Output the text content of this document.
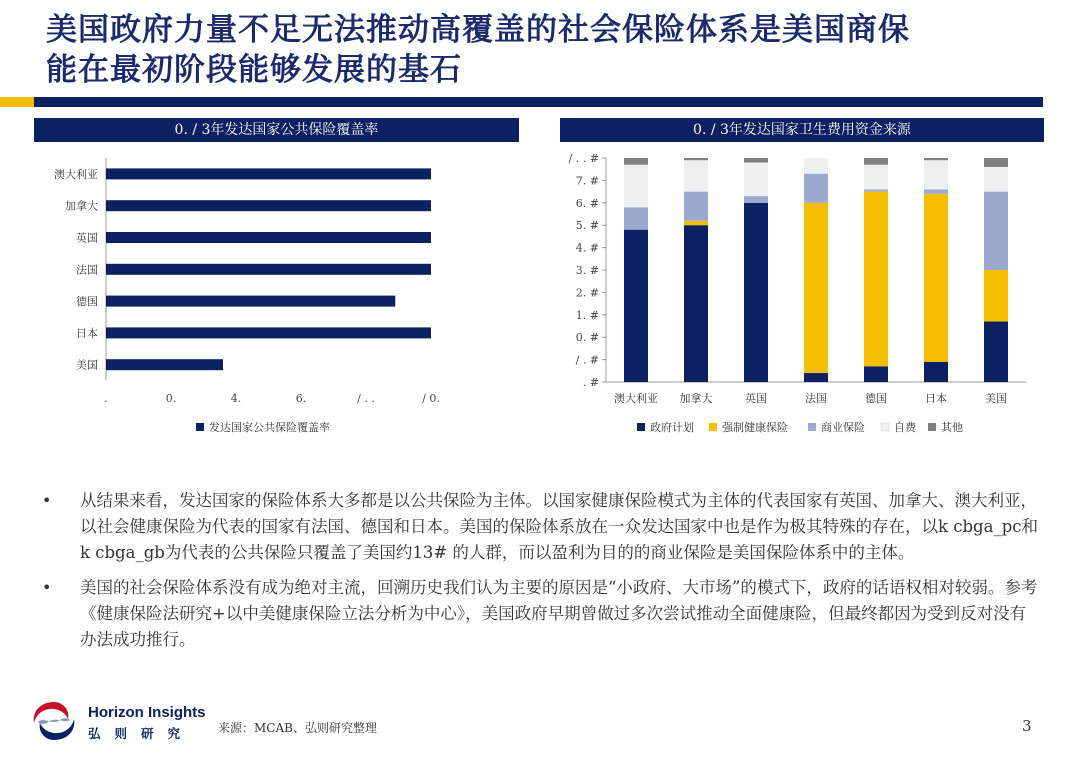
美国政府力量不足无法推动高覆盖的社会保险体系是美国商保
能在最初阶段能够发展的基石
0. / 3年发达国家公共保险覆盖率	0. / 3年发达国家卫生费用资金来源
澳大利亚
加拿大
英国
法国
德国
日本
美国
.	0.	4.	6.	/ . .	/ 0.
发达国家公共保险覆盖率
. #
/ . #
0. #
1. #
2. #
3. #
4. #
5. #
6. #
7. #
/ . . #
澳大利亚 加拿大	英国	法国	德国	日本	美国
政府计划	强制健康保险	商业保险	自费 其他
• 从结果来看，发达国家的保险体系大多都是以公共保险为主体。以国家健康保险模式为主体的代表国家有英国、加拿大、澳大利亚，以社会健康保险为代表的国家有法国、德国和日本。美国的保险体系放在一众发达国家中也是作为极其特殊的存在，以k cbga_pc和k cbga_gb为代表的公共保险只覆盖了美国约13# 的人群，而以盈利为目的的商业保险是美国保险体系中的主体。
• 美国的社会保险体系没有成为绝对主流，回溯历史我们认为主要的原因是“小政府、大市场”的模式下，政府的话语权相对较弱。参考《健康保险法研究+以中美健康保险立法分析为中心》，美国政府早期曾做过多次尝试推动全面健康险，但最终都因为受到反对没有办法成功推行。
Horizon Insights
弘则研究 来源：MCAB、弘则研究整理	3
